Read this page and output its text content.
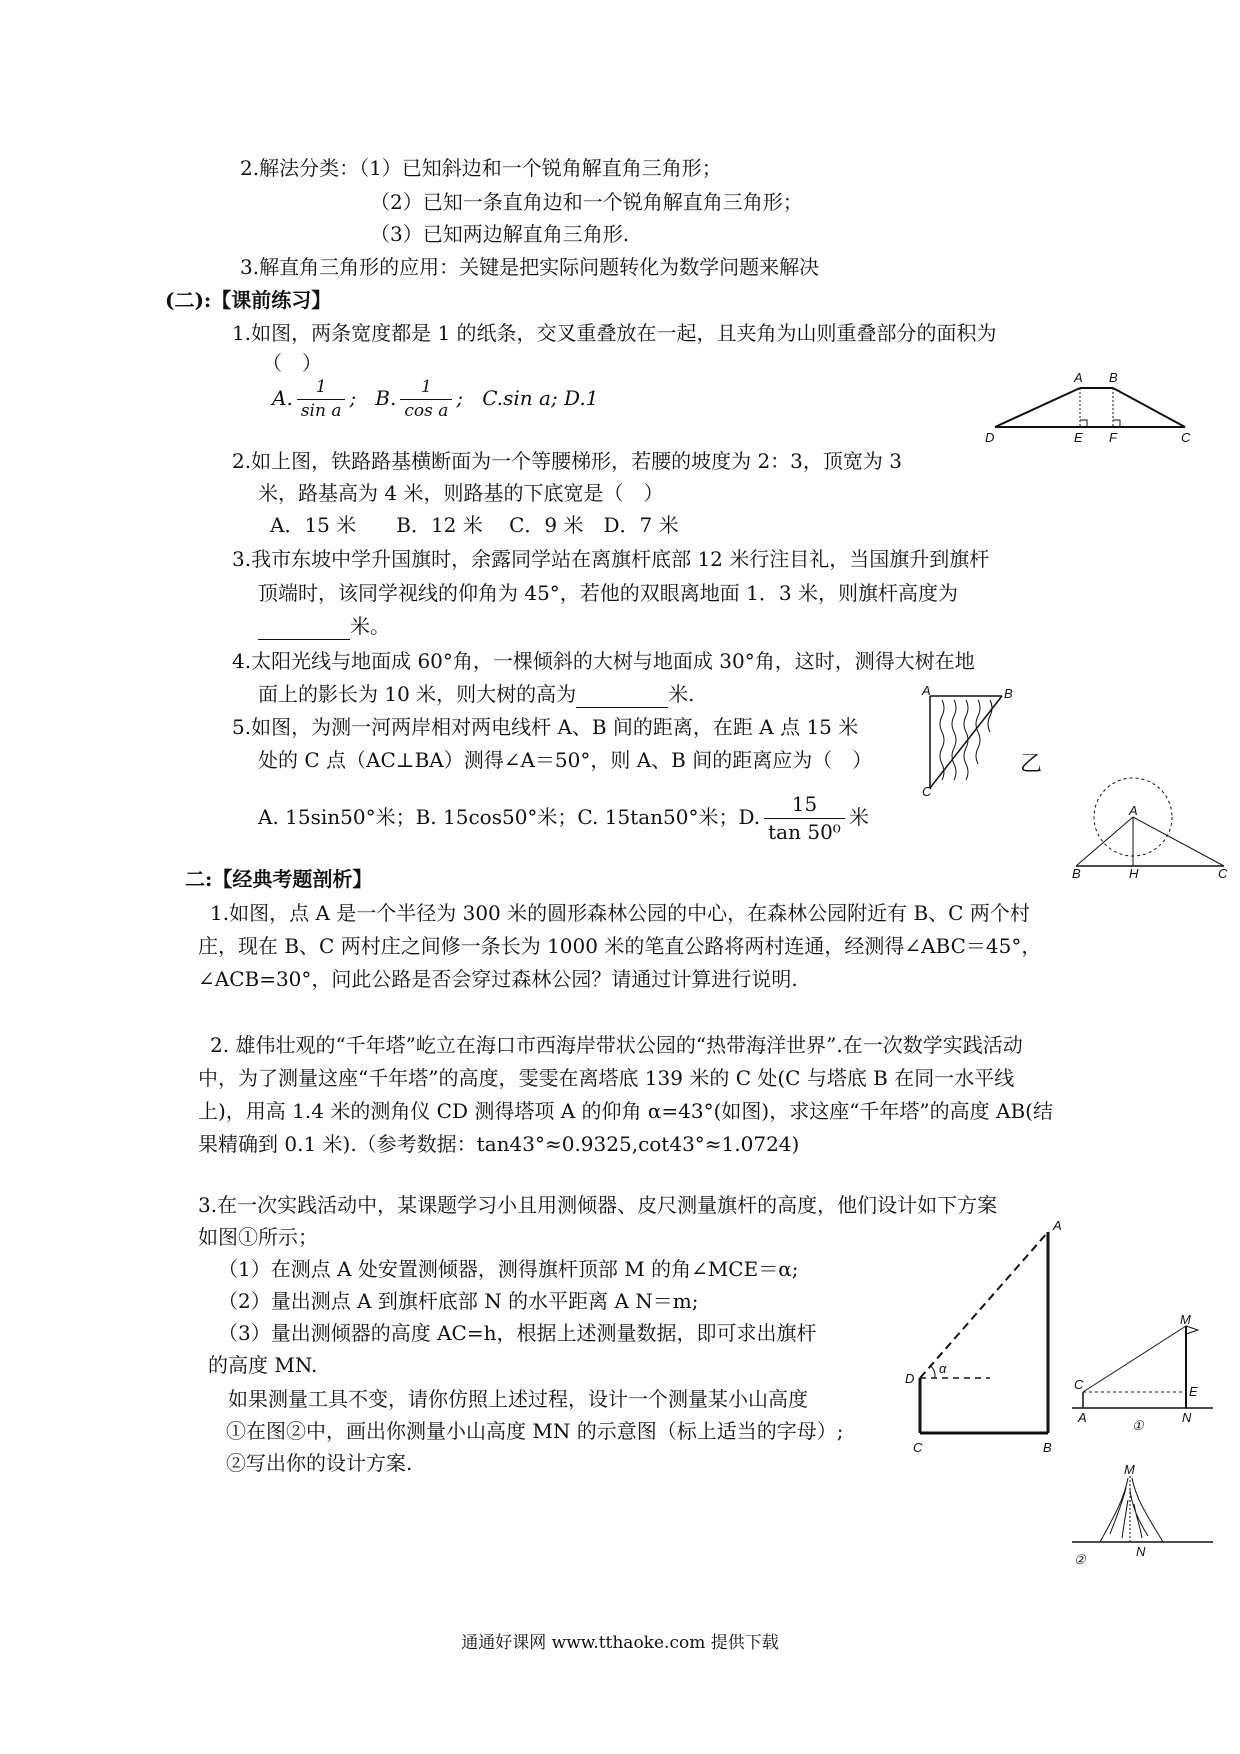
2.解法分类：（1）已知斜边和一个锐角解直角三角形；
（2）已知一条直角边和一个锐角解直角三角形；
（3）已知两边解直角三角形.
3.解直角三角形的应用：关键是把实际问题转化为数学问题来解决
(二):【课前练习】
1.如图，两条宽度都是 1 的纸条，交叉重叠放在一起，且夹角为山则重叠部分的面积为
（　）
A. $\frac{1}{\text{sin a}}$ ;   B. $\frac{1}{\text{cos a}}$ ;   C.sin a; D.1
A B
D	E F	C
2.如上图，铁路路基横断面为一个等腰梯形，若腰的坡度为 2：3，顶宽为 3
米，路基高为 4 米，则路基的下底宽是（　）
A．15 米　　B．12 米　 C．9 米　D．7 米
3.我市东坡中学升国旗时，余露同学站在离旗杆底部 12 米行注目礼，当国旗升到旗杆
顶端时，该同学视线的仰角为 45°，若他的双眼离地面 1．3 米，则旗杆高度为
米。
4.太阳光线与地面成 60°角，一棵倾斜的大树与地面成 30°角，这时，测得大树在地
面上的影长为 10 米，则大树的高为	米.
5.如图，为测一河两岸相对两电线杆 A、B 间的距离，在距 A 点 15 米
处的 C 点（AC⊥BA）测得∠A＝50°，则 A、B 间的距离应为（　）
A	B
C
乙
A. 15sin50°米；B. 15cos50°米；C. 15tan50°米；D. $\frac{15}{\text{tan 50⁰}}$ 米	A
B	H	C
二:【经典考题剖析】
1.如图，点 A 是一个半径为 300 米的圆形森林公园的中心，在森林公园附近有 B、C 两个村庄，现在 B、C 两村庄之间修一条长为 1000 米的笔直公路将两村连通，经测得∠ABC＝45°，∠ACB=30°，问此公路是否会穿过森林公园？请通过计算进行说明.
2. 雄伟壮观的“千年塔”屹立在海口市西海岸带状公园的“热带海洋世界”.在一次数学实践活动中，为了测量这座“千年塔”的高度，雯雯在离塔底 139 米的 C 处(C 与塔底 B 在同一水平线上)，用高 1.4 米的测角仪 CD 测得塔项 A 的仰角 α=43°(如图)，求这座“千年塔”的高度 AB(结果精确到 0.1 米).（参考数据：tan43°≈0.9325,cot43°≈1.0724)
3.在一次实践活动中，某课题学习小且用测倾器、皮尺测量旗杆的高度，他们设计如下方案
如图①所示；
（1）在测点 A 处安置测倾器，测得旗杆顶部 M 的角∠MCE＝α;
（2）量出测点 A 到旗杆底部 N 的水平距离 A N＝m;
（3）量出测倾器的高度 AC=h，根据上述测量数据，即可求出旗杆
的高度 MN.
如果测量工具不变，请你仿照上述过程，设计一个测量某小山高度
①在图②中，画出你测量小山高度 MN 的示意图（标上适当的字母）;
②写出你的设计方案.
A
D
α
C	B
M
C	E
A	N
①
M
N
②
通通好课网 www.tthaoke.com 提供下载
